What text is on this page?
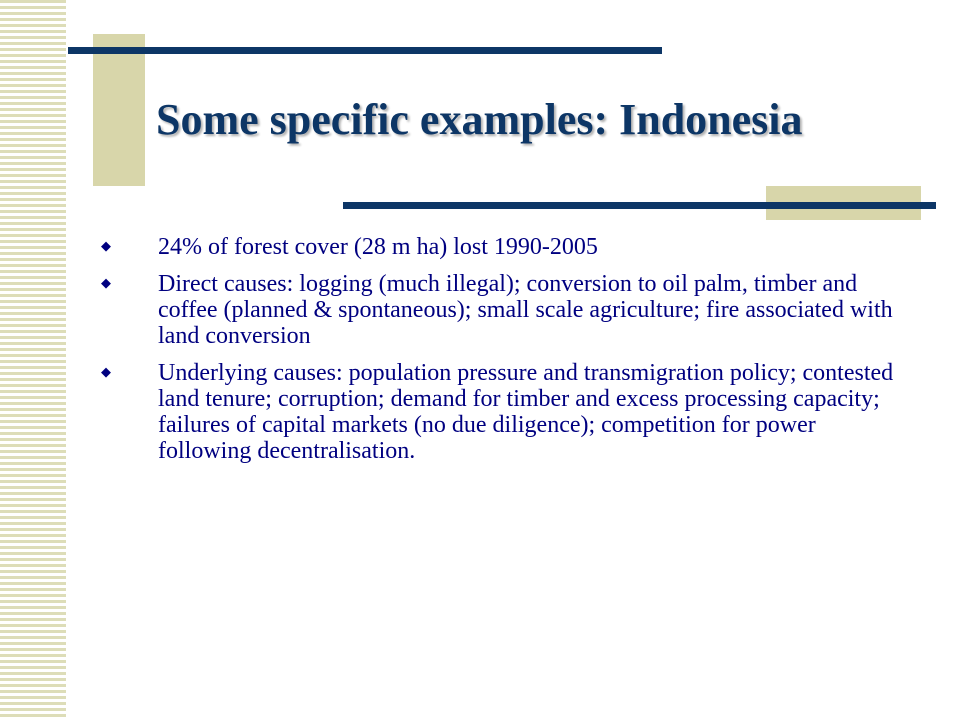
Some specific examples: Indonesia
◆ 24% of forest cover (28 m ha) lost 1990-2005
◆ Direct causes: logging (much illegal); conversion to oil palm, timber and coffee (planned & spontaneous); small scale agriculture; fire associated with land conversion
◆ Underlying causes: population pressure and transmigration policy; contested land tenure; corruption; demand for timber and excess processing capacity; failures of capital markets (no due diligence); competition for power following decentralisation.
